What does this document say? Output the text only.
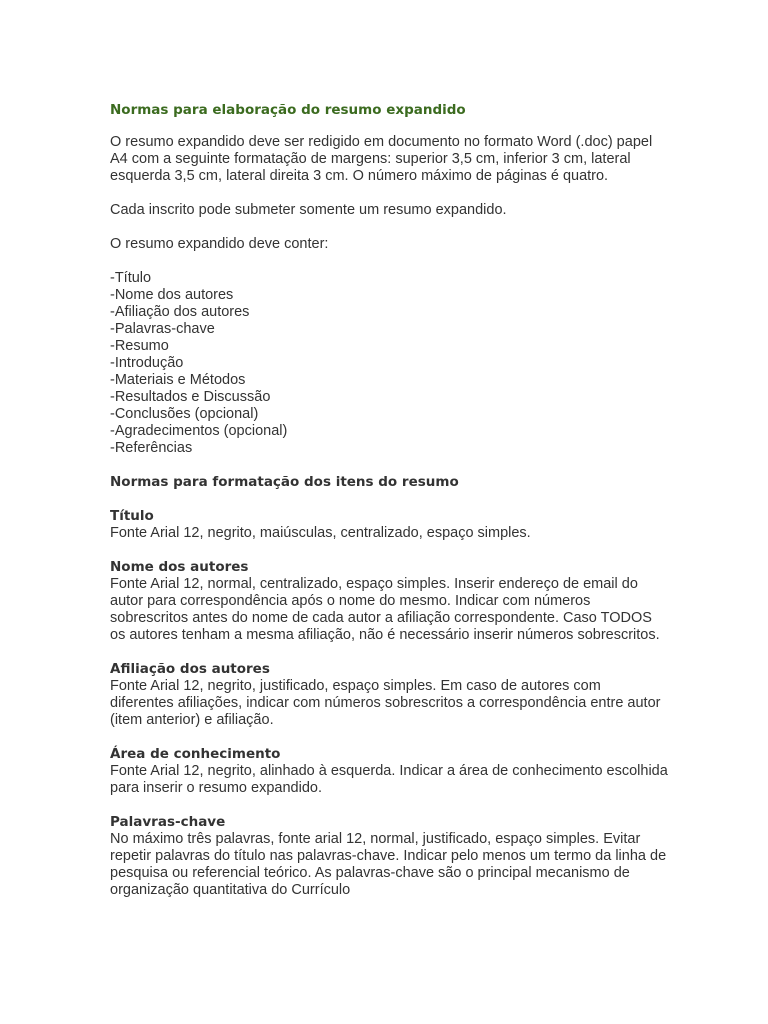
Normas para elaboração do resumo expandido

O resumo expandido deve ser redigido em documento no formato Word (.doc) papel A4 com a seguinte formatação de margens: superior 3,5 cm, inferior 3 cm, lateral esquerda 3,5 cm, lateral direita 3 cm. O número máximo de páginas é quatro.

Cada inscrito pode submeter somente um resumo expandido.

O resumo expandido deve conter:

-Título
-Nome dos autores
-Afiliação dos autores
-Palavras-chave
-Resumo
-Introdução
-Materiais e Métodos
-Resultados e Discussão
-Conclusões (opcional)
-Agradecimentos (opcional)
-Referências
Normas para formatação dos itens do resumo
Título

Fonte Arial 12, negrito, maiúsculas, centralizado, espaço simples.

Nome dos autores

Fonte Arial 12, normal, centralizado, espaço simples. Inserir endereço de email do autor para correspondência após o nome do mesmo. Indicar com números sobrescritos antes do nome de cada autor a afiliação correspondente. Caso TODOS os autores tenham a mesma afiliação, não é necessário inserir números sobrescritos.

Afiliação dos autores

Fonte Arial 12, negrito, justificado, espaço simples. Em caso de autores com diferentes afiliações, indicar com números sobrescritos a correspondência entre autor (item anterior) e afiliação.

Área de conhecimento

Fonte Arial 12, negrito, alinhado à esquerda. Indicar a área de conhecimento escolhida para inserir o resumo expandido.

Palavras-chave

No máximo três palavras, fonte arial 12, normal, justificado, espaço simples. Evitar repetir palavras do título nas palavras-chave. Indicar pelo menos um termo da linha de pesquisa ou referencial teórico. As palavras-chave são o principal mecanismo de organização quantitativa do Currículo
